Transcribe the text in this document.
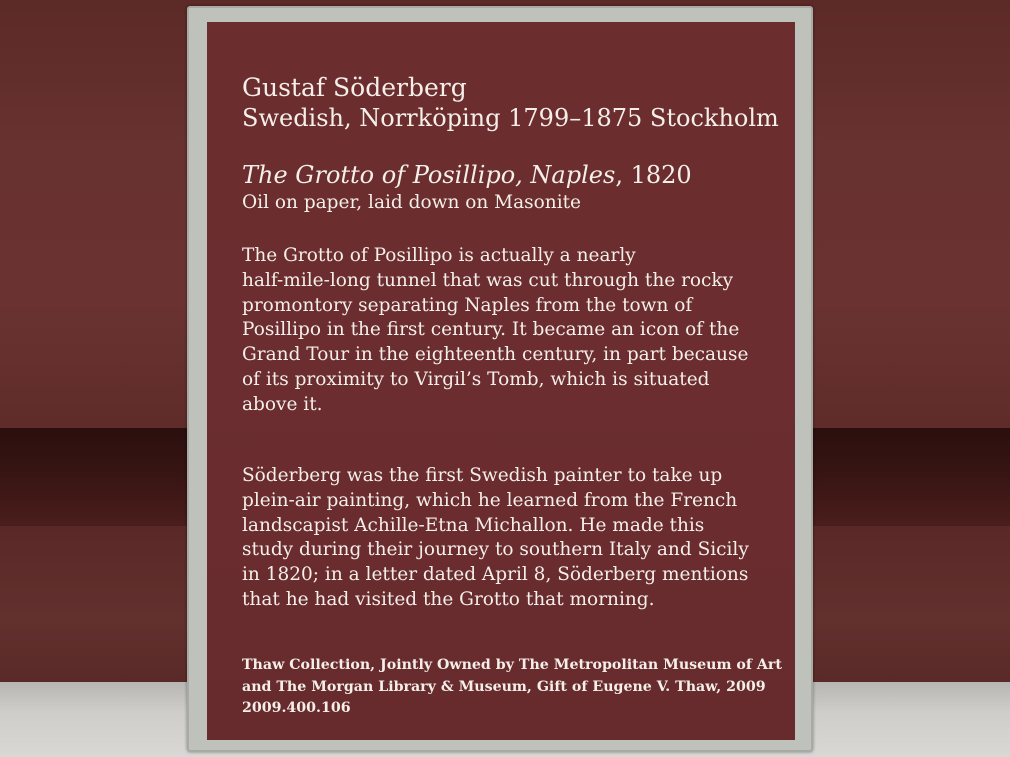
Gustaf Söderberg

Swedish, Norrköping 1799–1875 Stockholm

The Grotto of Posillipo, Naples, 1820

Oil on paper, laid down on Masonite

The Grotto of Posillipo is actually a nearly
half-mile-long tunnel that was cut through the rocky
promontory separating Naples from the town of
Posillipo in the first century. It became an icon of the
Grand Tour in the eighteenth century, in part because
of its proximity to Virgil’s Tomb, which is situated
above it.
Söderberg was the first Swedish painter to take up
plein-air painting, which he learned from the French
landscapist Achille-Etna Michallon. He made this
study during their journey to southern Italy and Sicily
in 1820; in a letter dated April 8, Söderberg mentions
that he had visited the Grotto that morning.
Thaw Collection, Jointly Owned by The Metropolitan Museum of Art
and The Morgan Library & Museum, Gift of Eugene V. Thaw, 2009
2009.400.106
